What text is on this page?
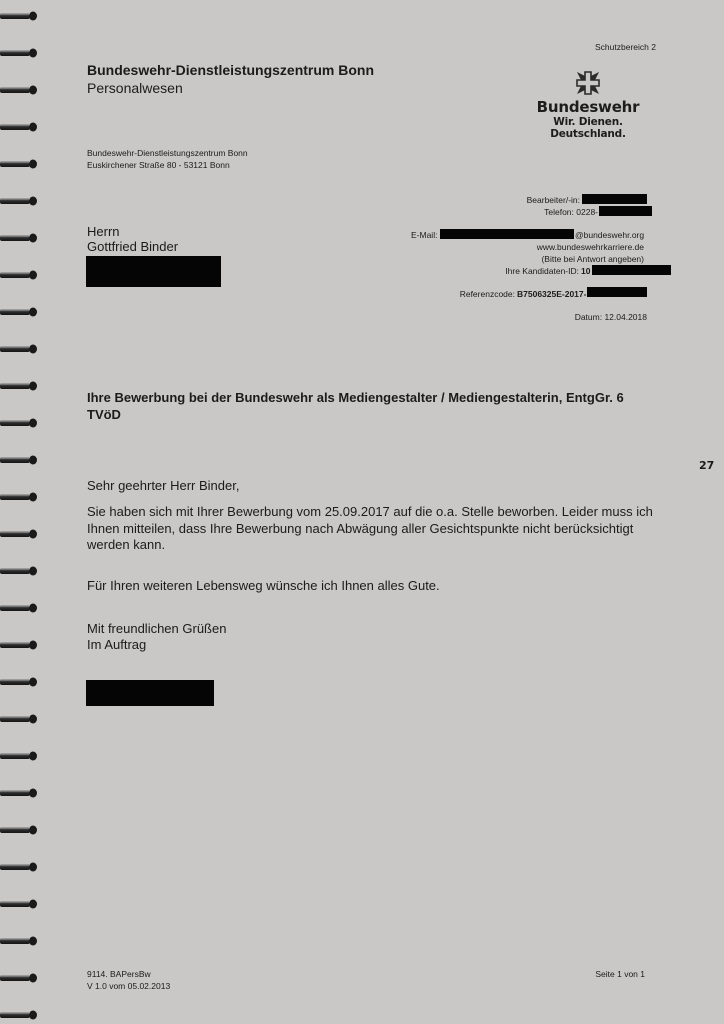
Schutzbereich 2
Bundeswehr-Dienstleistungszentrum Bonn
Personalwesen
Bundeswehr
Wir. Dienen. Deutschland.
Bundeswehr-Dienstleistungszentrum Bonn
Euskirchener Straße 80 - 53121 Bonn
Herrn
Gottfried Binder
Bearbeiter/-in:
Telefon: 0228-
E-Mail:	@bundeswehr.org
www.bundeswehrkarriere.de
(Bitte bei Antwort angeben)
Ihre Kandidaten-ID: 10
Referenzcode: B7506325E-2017-
Datum: 12.04.2018
Ihre Bewerbung bei der Bundeswehr als Mediengestalter / Mediengestalterin, EntgGr. 6 TVöD
27
Sehr geehrter Herr Binder,
Sie haben sich mit Ihrer Bewerbung vom 25.09.2017 auf die o.a. Stelle beworben. Leider muss ich Ihnen mitteilen, dass Ihre Bewerbung nach Abwägung aller Gesichtspunkte nicht berücksichtigt werden kann.
Für Ihren weiteren Lebensweg wünsche ich Ihnen alles Gute.
Mit freundlichen Grüßen
Im Auftrag
9114. BAPersBw
V 1.0 vom 05.02.2013
Seite 1 von 1
